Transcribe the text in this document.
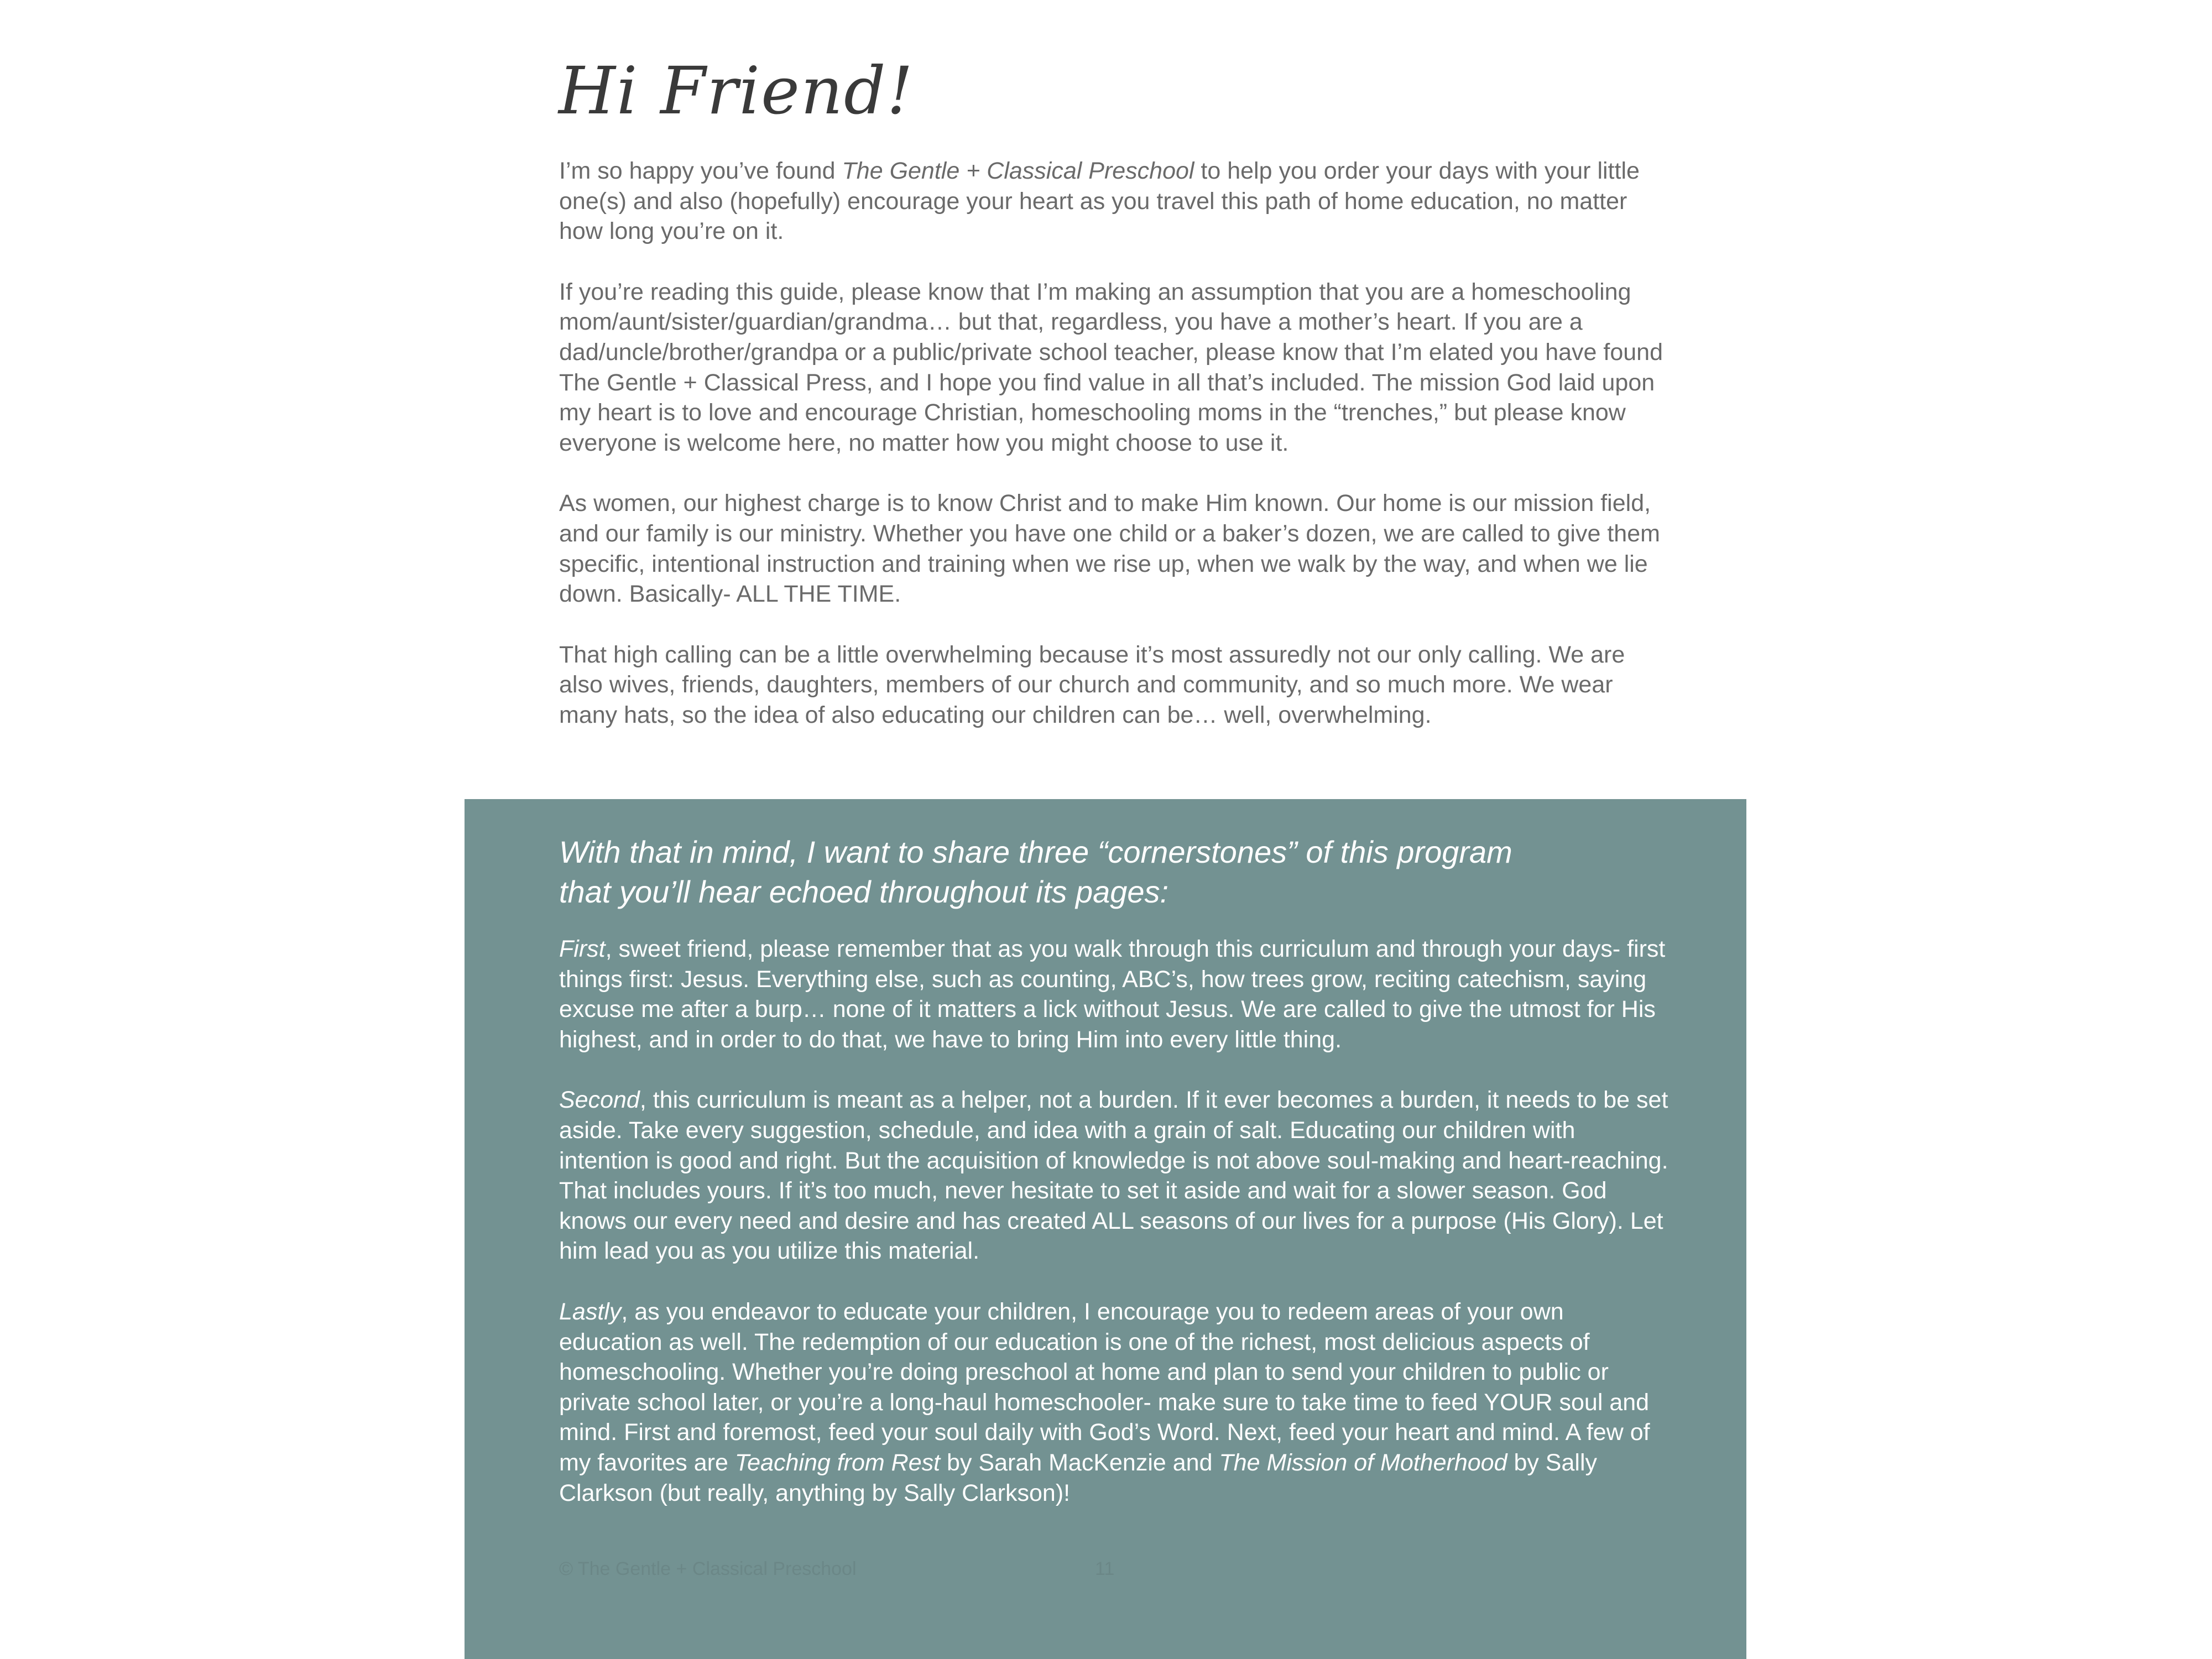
Hi Friend!

I’m so happy you’ve found The Gentle + Classical Preschool to help you order your days with your little one(s) and also (hopefully) encourage your heart as you travel this path of home education, no matter how long you’re on it.

If you’re reading this guide, please know that I’m making an assumption that you are a homeschooling mom/aunt/sister/guardian/grandma… but that, regardless, you have a mother’s heart. If you are a dad/uncle/brother/grandpa or a public/private school teacher, please know that I’m elated you have found The Gentle + Classical Press, and I hope you find value in all that’s included. The mission God laid upon my heart is to love and encourage Christian, homeschooling moms in the “trenches,” but please know everyone is welcome here, no matter how you might choose to use it.

As women, our highest charge is to know Christ and to make Him known. Our home is our mission field, and our family is our ministry. Whether you have one child or a baker’s dozen, we are called to give them specific, intentional instruction and training when we rise up, when we walk by the way, and when we lie down. Basically- ALL THE TIME.

That high calling can be a little overwhelming because it’s most assuredly not our only calling. We are also wives, friends, daughters, members of our church and community, and so much more. We wear many hats, so the idea of also educating our children can be… well, overwhelming.

With that in mind, I want to share three “cornerstones” of this program that you’ll hear echoed throughout its pages:

First, sweet friend, please remember that as you walk through this curriculum and through your days- first things first: Jesus. Everything else, such as counting, ABC’s, how trees grow, reciting catechism, saying excuse me after a burp… none of it matters a lick without Jesus. We are called to give the utmost for His highest, and in order to do that, we have to bring Him into every little thing.

Second, this curriculum is meant as a helper, not a burden. If it ever becomes a burden, it needs to be set aside. Take every suggestion, schedule, and idea with a grain of salt. Educating our children with intention is good and right. But the acquisition of knowledge is not above soul-making and heart-reaching. That includes yours. If it’s too much, never hesitate to set it aside and wait for a slower season. God knows our every need and desire and has created ALL seasons of our lives for a purpose (His Glory). Let him lead you as you utilize this material.

Lastly, as you endeavor to educate your children, I encourage you to redeem areas of your own education as well. The redemption of our education is one of the richest, most delicious aspects of homeschooling. Whether you’re doing preschool at home and plan to send your children to public or private school later, or you’re a long-haul homeschooler- make sure to take time to feed YOUR soul and mind. First and foremost, feed your soul daily with God’s Word. Next, feed your heart and mind. A few of my favorites are Teaching from Rest by Sarah MacKenzie and The Mission of Motherhood by Sally Clarkson (but really, anything by Sally Clarkson)!

© The Gentle + Classical Preschool	11
